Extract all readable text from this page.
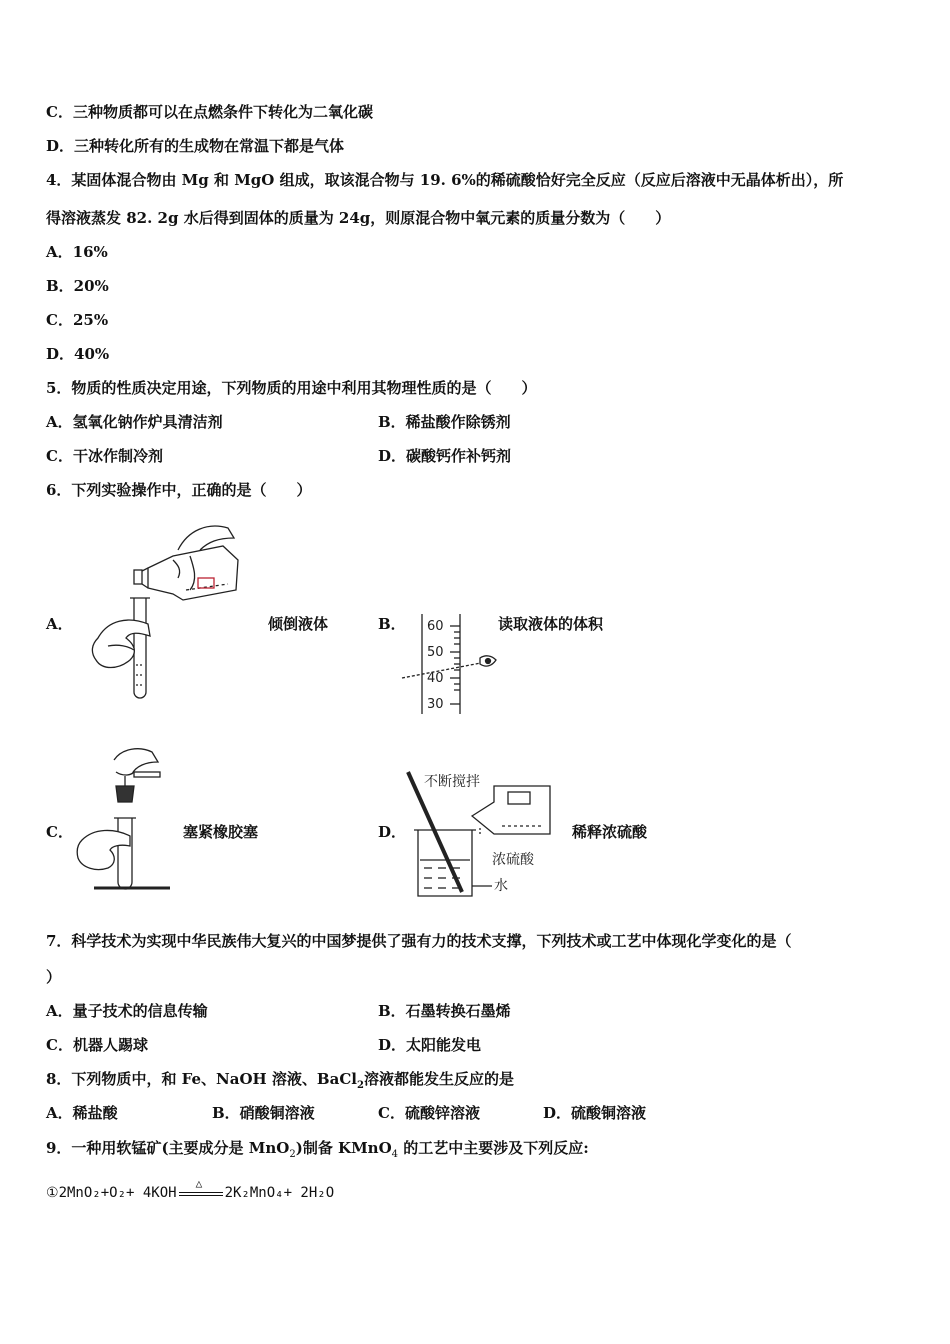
C．三种物质都可以在点燃条件下转化为二氧化碳
D．三种转化所有的生成物在常温下都是气体
4．某固体混合物由 Mg 和 MgO 组成，取该混合物与 19. 6%的稀硫酸恰好完全反应（反应后溶液中无晶体析出），所
得溶液蒸发 82. 2g 水后得到固体的质量为 24g，则原混合物中氧元素的质量分数为（　　）
A．16%
B．20%
C．25%
D．40%
5．物质的性质决定用途，下列物质的用途中利用其物理性质的是（　　）
A．氢氧化钠作炉具清洁剂	B．稀盐酸作除锈剂
C．干冰作制冷剂	D．碳酸钙作补钙剂
6．下列实验操作中，正确的是（　　）
A．	倾倒液体	B． 60
50
40
30
读取液体的体积
C．	塞紧橡胶塞	D．
不断搅拌
浓硫酸
水
稀释浓硫酸
7．科学技术为实现中华民族伟大复兴的中国梦提供了强有力的技术支撑，下列技术或工艺中体现化学变化的是（
）
A．量子技术的信息传输	B．石墨转换石墨烯
C．机器人踢球	D．太阳能发电
8．下列物质中，和 Fe、NaOH 溶液、BaCl$_2$溶液都能发生反应的是
A．稀盐酸	B．硝酸铜溶液	C．硫酸锌溶液	D．硫酸铜溶液
9．一种用软锰矿(主要成分是 MnO$_2$)制备 KMnO$_4$ 的工艺中主要涉及下列反应:
①2MnO₂+O₂+ 4KOH
△
2K₂MnO₄+ 2H₂O
